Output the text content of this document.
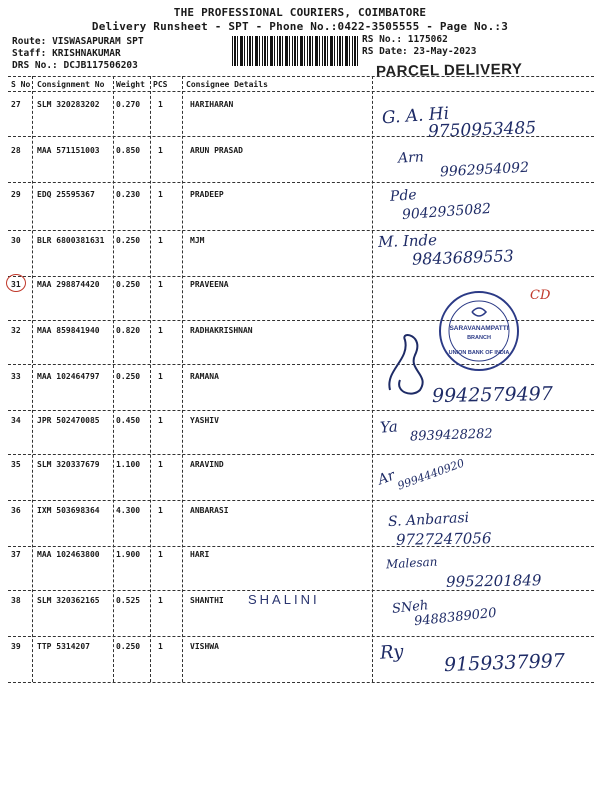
THE PROFESSIONAL COURIERS, COIMBATORE
Delivery Runsheet - SPT - Phone No.:0422-3505555 - Page No.:3
Route: VISWASAPURAM SPT
Staff: KRISHNAKUMAR
DRS No.: DCJB117506203
RS No.: 1175062
RS Date: 23-May-2023
PARCEL DELIVERY
S No Consignment No Weight PCS Consignee Details
27 SLM 320283202 0.270 1	HARIHARAN	G. A. Hi
9750953485
28 MAA 571151003 0.850 1	ARUN PRASAD	Arn
9962954092
29 EDQ 25595367	0.230 1	PRADEEP	Pde
9042935082
30 BLR 6800381631 0.250 1	MJM	M. Inde
9843689553
31 MAA 298874420 0.250 1	PRAVEENA
32 MAA 859841940 0.820 1	RADHAKRISHNAN
33 MAA 102464797 0.250 1	RAMANA
9942579497
34 JPR 502470085 0.450 1	YASHIV	Ya 8939428282
35 SLM 320337679 1.100 1	ARAVIND
Ar
9994440920
36 IXM 503698364 4.300 1	ANBARASI	S. Anbarasi
9727247056
37 MAA 102463800 1.900 1	HARI
Malesan
9952201849
38 SLM 320362165 0.525 1	SHANTHI SHALINI	SNeh
9488389020
39 TTP 5314207	0.250 1	VISHWA	Ry 9159337997
CD
SARAVANAMPATTI
BRANCH
UNION BANK OF INDIA
